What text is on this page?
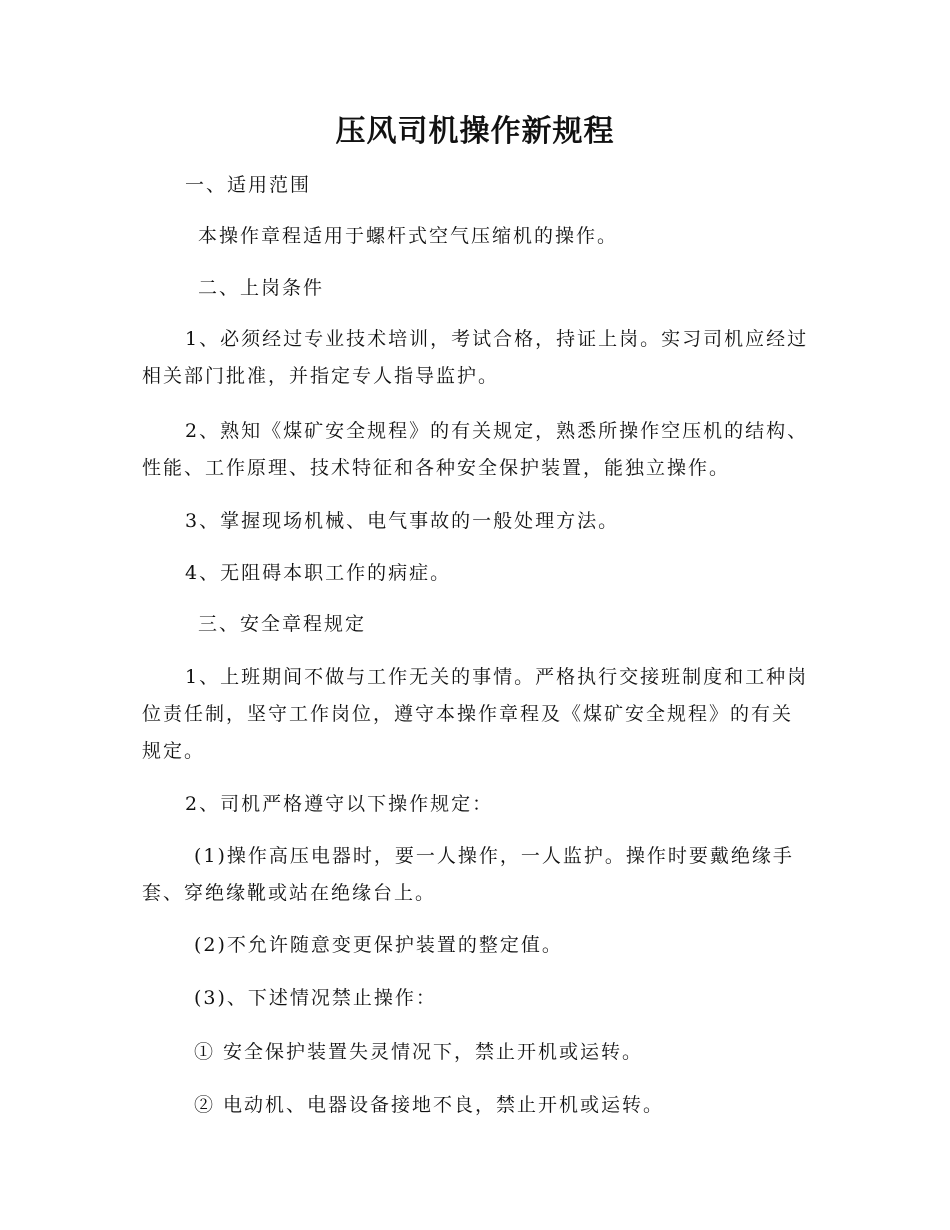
压风司机操作新规程

一、适用范围

本操作章程适用于螺杆式空气压缩机的操作。

二、上岗条件

1、必须经过专业技术培训，考试合格，持证上岗。实习司机应经过相关部门批准，并指定专人指导监护。

2、熟知《煤矿安全规程》的有关规定，熟悉所操作空压机的结构、性能、工作原理、技术特征和各种安全保护装置，能独立操作。

3、掌握现场机械、电气事故的一般处理方法。

4、无阻碍本职工作的病症。

三、安全章程规定

1、上班期间不做与工作无关的事情。严格执行交接班制度和工种岗位责任制，坚守工作岗位，遵守本操作章程及《煤矿安全规程》的有关规定。

2、司机严格遵守以下操作规定：

(1)操作高压电器时，要一人操作，一人监护。操作时要戴绝缘手套、穿绝缘靴或站在绝缘台上。

(2)不允许随意变更保护装置的整定值。

(3)、下述情况禁止操作：

① 安全保护装置失灵情况下，禁止开机或运转。

② 电动机、电器设备接地不良，禁止开机或运转。
